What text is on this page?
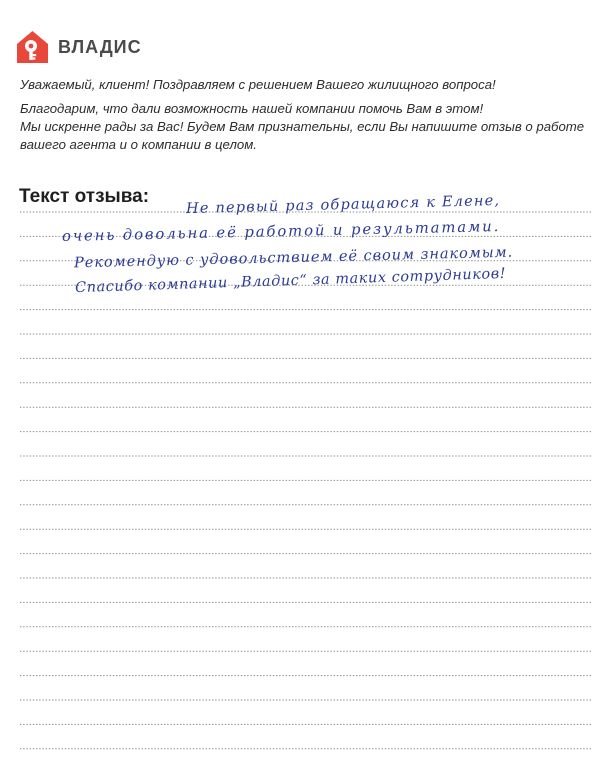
ВЛАДИС

Уважаемый, клиент! Поздравляем с решением Вашего жилищного вопроса!

Благодарим, что дали возможность нашей компании помочь Вам в этом!
Мы искренне рады за Вас! Будем Вам признательны, если Вы напишите отзыв о работе
вашего агента и о компании в целом.

Текст отзыва:	Не первый раз обращаюся к Елене,
очень довольна её работой и результатами.
Рекомендую с удовольствием её своим знакомым.
Спасибо компании „Владис“ за таких сотрудников!
